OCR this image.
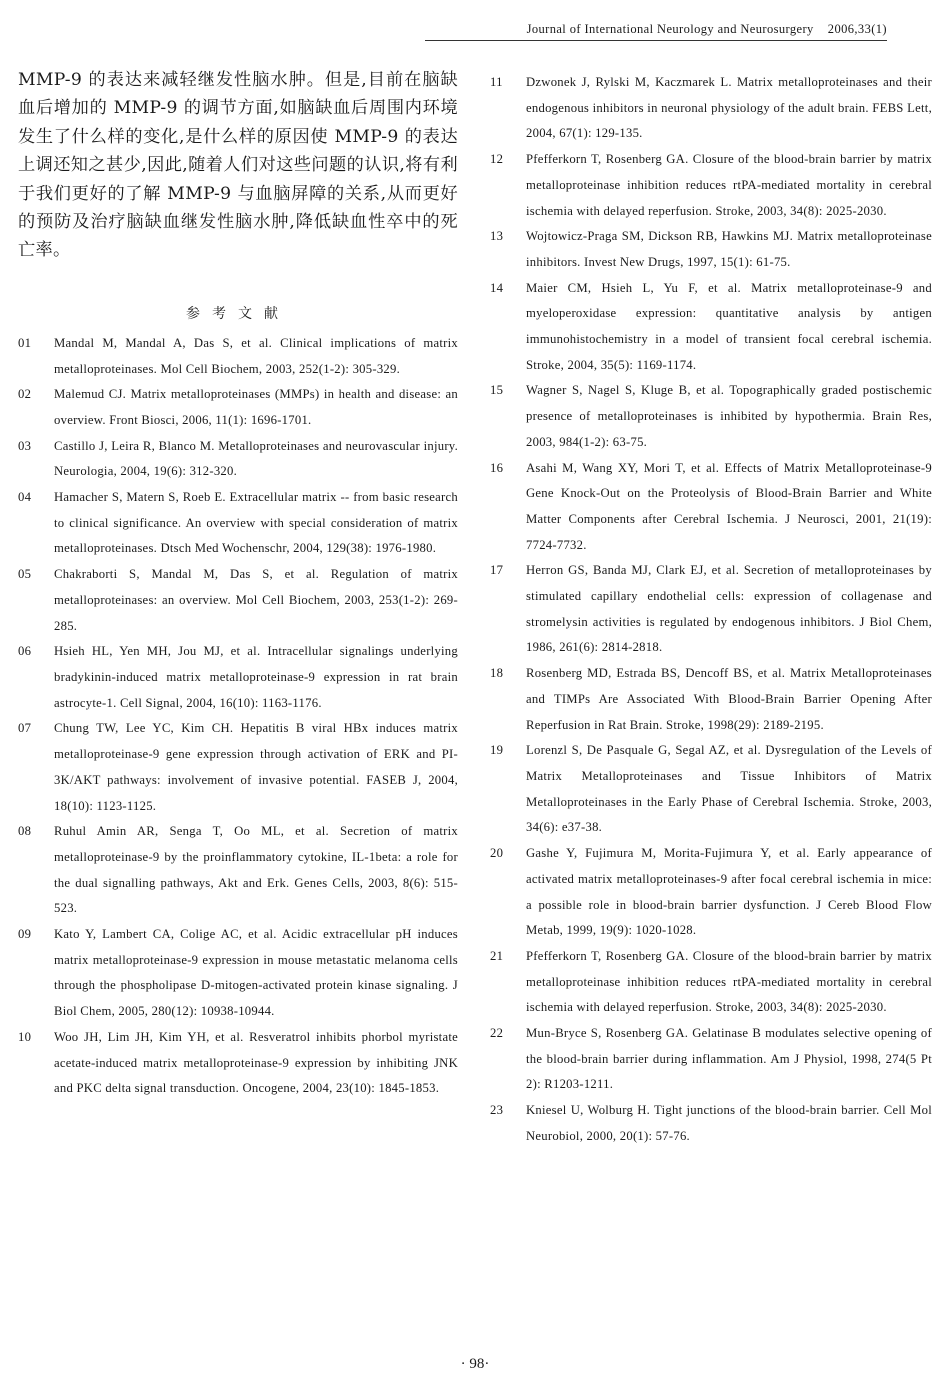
Journal of International Neurology and Neurosurgery 2006,33(1)

MMP-9 的表达来减轻继发性脑水肿。但是,目前在脑缺血后增加的 MMP-9 的调节方面,如脑缺血后周围内环境发生了什么样的变化,是什么样的原因使 MMP-9 的表达上调还知之甚少,因此,随着人们对这些问题的认识,将有利于我们更好的了解 MMP-9 与血脑屏障的关系,从而更好的预防及治疗脑缺血继发性脑水肿,降低缺血性卒中的死亡率。

参考文献
01	Mandal M, Mandal A, Das S, et al. Clinical implications of matrix metalloproteinases. Mol Cell Biochem, 2003, 252(1-2): 305-329.
02	Malemud CJ. Matrix metalloproteinases (MMPs) in health and disease: an overview. Front Biosci, 2006, 11(1): 1696-1701.
03	Castillo J, Leira R, Blanco M. Metalloproteinases and neurovascular injury. Neurologia, 2004, 19(6): 312-320.
04	Hamacher S, Matern S, Roeb E. Extracellular matrix -- from basic research to clinical significance. An overview with special consideration of matrix metalloproteinases. Dtsch Med Wochenschr, 2004, 129(38): 1976-1980.
05	Chakraborti S, Mandal M, Das S, et al. Regulation of matrix metalloproteinases: an overview. Mol Cell Biochem, 2003, 253(1-2): 269-285.
06	Hsieh HL, Yen MH, Jou MJ, et al. Intracellular signalings underlying bradykinin-induced matrix metalloproteinase-9 expression in rat brain astrocyte-1. Cell Signal, 2004, 16(10): 1163-1176.
07	Chung TW, Lee YC, Kim CH. Hepatitis B viral HBx induces matrix metalloproteinase-9 gene expression through activation of ERK and PI-3K/AKT pathways: involvement of invasive potential. FASEB J, 2004, 18(10): 1123-1125.
08	Ruhul Amin AR, Senga T, Oo ML, et al. Secretion of matrix metalloproteinase-9 by the proinflammatory cytokine, IL-1beta: a role for the dual signalling pathways, Akt and Erk. Genes Cells, 2003, 8(6): 515-523.
09	Kato Y, Lambert CA, Colige AC, et al. Acidic extracellular pH induces matrix metalloproteinase-9 expression in mouse metastatic melanoma cells through the phospholipase D-mitogen-activated protein kinase signaling. J Biol Chem, 2005, 280(12): 10938-10944.
10	Woo JH, Lim JH, Kim YH, et al. Resveratrol inhibits phorbol myristate acetate-induced matrix metalloproteinase-9 expression by inhibiting JNK and PKC delta signal transduction. Oncogene, 2004, 23(10): 1845-1853.
11	Dzwonek J, Rylski M, Kaczmarek L. Matrix metalloproteinases and their endogenous inhibitors in neuronal physiology of the adult brain. FEBS Lett, 2004, 67(1): 129-135.
12	Pfefferkorn T, Rosenberg GA. Closure of the blood-brain barrier by matrix metalloproteinase inhibition reduces rtPA-mediated mortality in cerebral ischemia with delayed reperfusion. Stroke, 2003, 34(8): 2025-2030.
13	Wojtowicz-Praga SM, Dickson RB, Hawkins MJ. Matrix metalloproteinase inhibitors. Invest New Drugs, 1997, 15(1): 61-75.
14	Maier CM, Hsieh L, Yu F, et al. Matrix metalloproteinase-9 and myeloperoxidase expression: quantitative analysis by antigen immunohistochemistry in a model of transient focal cerebral ischemia. Stroke, 2004, 35(5): 1169-1174.
15	Wagner S, Nagel S, Kluge B, et al. Topographically graded postischemic presence of metalloproteinases is inhibited by hypothermia. Brain Res, 2003, 984(1-2): 63-75.
16	Asahi M, Wang XY, Mori T, et al. Effects of Matrix Metalloproteinase-9 Gene Knock-Out on the Proteolysis of Blood-Brain Barrier and White Matter Components after Cerebral Ischemia. J Neurosci, 2001, 21(19): 7724-7732.
17	Herron GS, Banda MJ, Clark EJ, et al. Secretion of metalloproteinases by stimulated capillary endothelial cells: expression of collagenase and stromelysin activities is regulated by endogenous inhibitors. J Biol Chem, 1986, 261(6): 2814-2818.
18	Rosenberg MD, Estrada BS, Dencoff BS, et al. Matrix Metalloproteinases and TIMPs Are Associated With Blood-Brain Barrier Opening After Reperfusion in Rat Brain. Stroke, 1998(29): 2189-2195.
19	Lorenzl S, De Pasquale G, Segal AZ, et al. Dysregulation of the Levels of Matrix Metalloproteinases and Tissue Inhibitors of Matrix Metalloproteinases in the Early Phase of Cerebral Ischemia. Stroke, 2003, 34(6): e37-38.
20	Gashe Y, Fujimura M, Morita-Fujimura Y, et al. Early appearance of activated matrix metalloproteinases-9 after focal cerebral ischemia in mice: a possible role in blood-brain barrier dysfunction. J Cereb Blood Flow Metab, 1999, 19(9): 1020-1028.
21	Pfefferkorn T, Rosenberg GA. Closure of the blood-brain barrier by matrix metalloproteinase inhibition reduces rtPA-mediated mortality in cerebral ischemia with delayed reperfusion. Stroke, 2003, 34(8): 2025-2030.
22	Mun-Bryce S, Rosenberg GA. Gelatinase B modulates selective opening of the blood-brain barrier during inflammation. Am J Physiol, 1998, 274(5 Pt 2): R1203-1211.
23	Kniesel U, Wolburg H. Tight junctions of the blood-brain barrier. Cell Mol Neurobiol, 2000, 20(1): 57-76.
· 98·
